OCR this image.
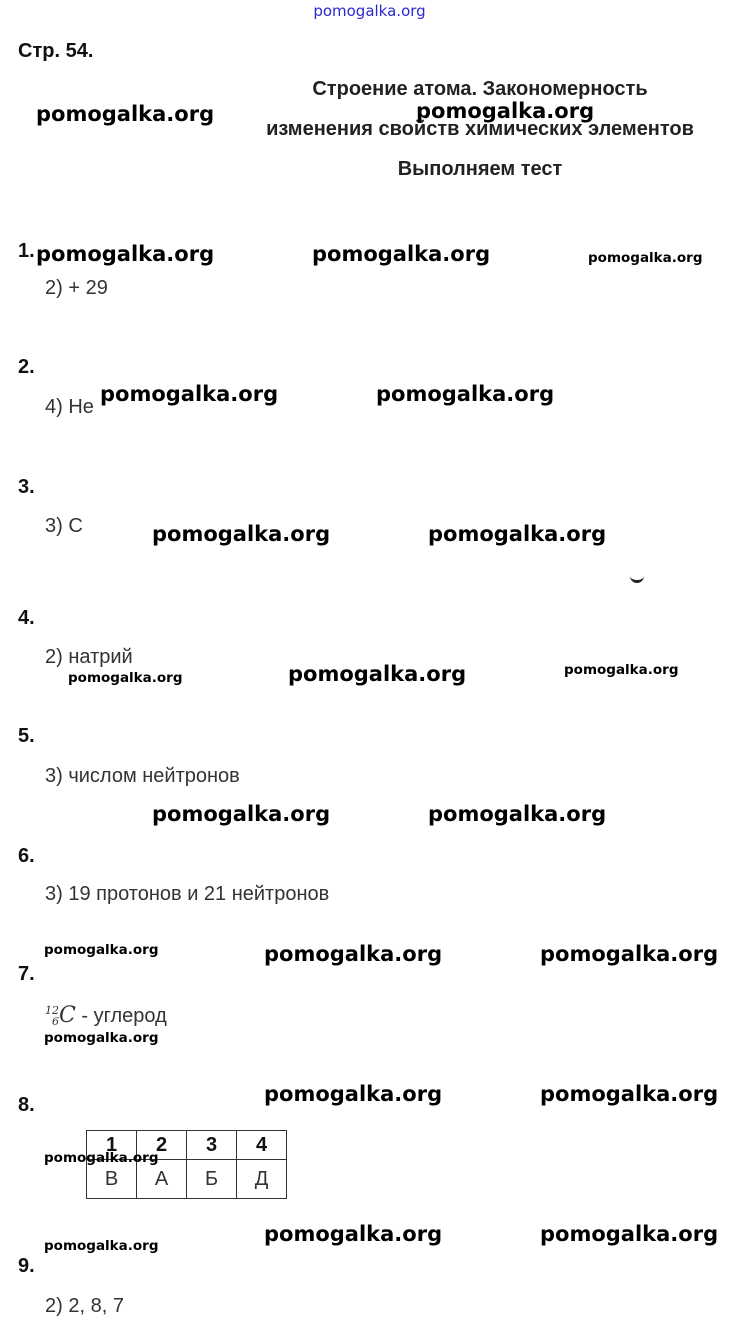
pomogalka.org
Стр. 54.
Строение атома. Закономерность
изменения свойств химических элементов
Выполняем тест
1.
2) + 29
2.
4) He
3.
3) C
4.
2) натрий
5.
3) числом нейтронов
6.
3) 19 протонов и 21 нейтронов
7.
12
6C - углерод
8.
1	2	3	4
В	А	Б	Д
9.
2) 2, 8, 7
pomogalka.org	pomogalka.org
pomogalka.org	pomogalka.org	pomogalka.org
pomogalka.org	pomogalka.org
pomogalka.org	pomogalka.org
pomogalka.org	pomogalka.org	pomogalka.org
pomogalka.org	pomogalka.org
pomogalka.org	pomogalka.org	pomogalka.org
pomogalka.org
pomogalka.org	pomogalka.org
pomogalka.org
pomogalka.org	pomogalka.org	pomogalka.org
